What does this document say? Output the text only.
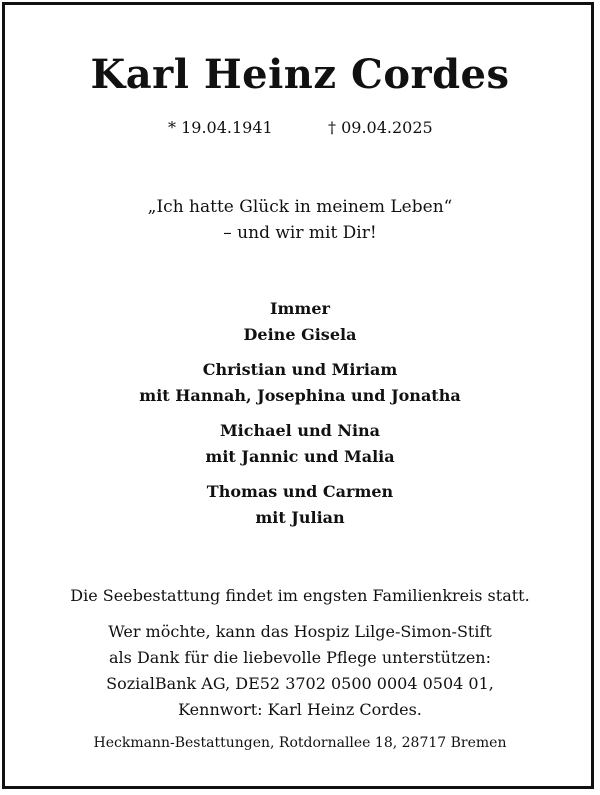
Karl Heinz Cordes
* 19.04.1941	† 09.04.2025
„Ich hatte Glück in meinem Leben“
– und wir mit Dir!
Immer
Deine Gisela
Christian und Miriam
mit Hannah, Josephina und Jonatha
Michael und Nina
mit Jannic und Malia
Thomas und Carmen
mit Julian
Die Seebestattung findet im engsten Familienkreis statt.
Wer möchte, kann das Hospiz Lilge-Simon-Stift
als Dank für die liebevolle Pflege unterstützen:
SozialBank AG, DE52 3702 0500 0004 0504 01,
Kennwort: Karl Heinz Cordes.
Heckmann-Bestattungen, Rotdornallee 18, 28717 Bremen
